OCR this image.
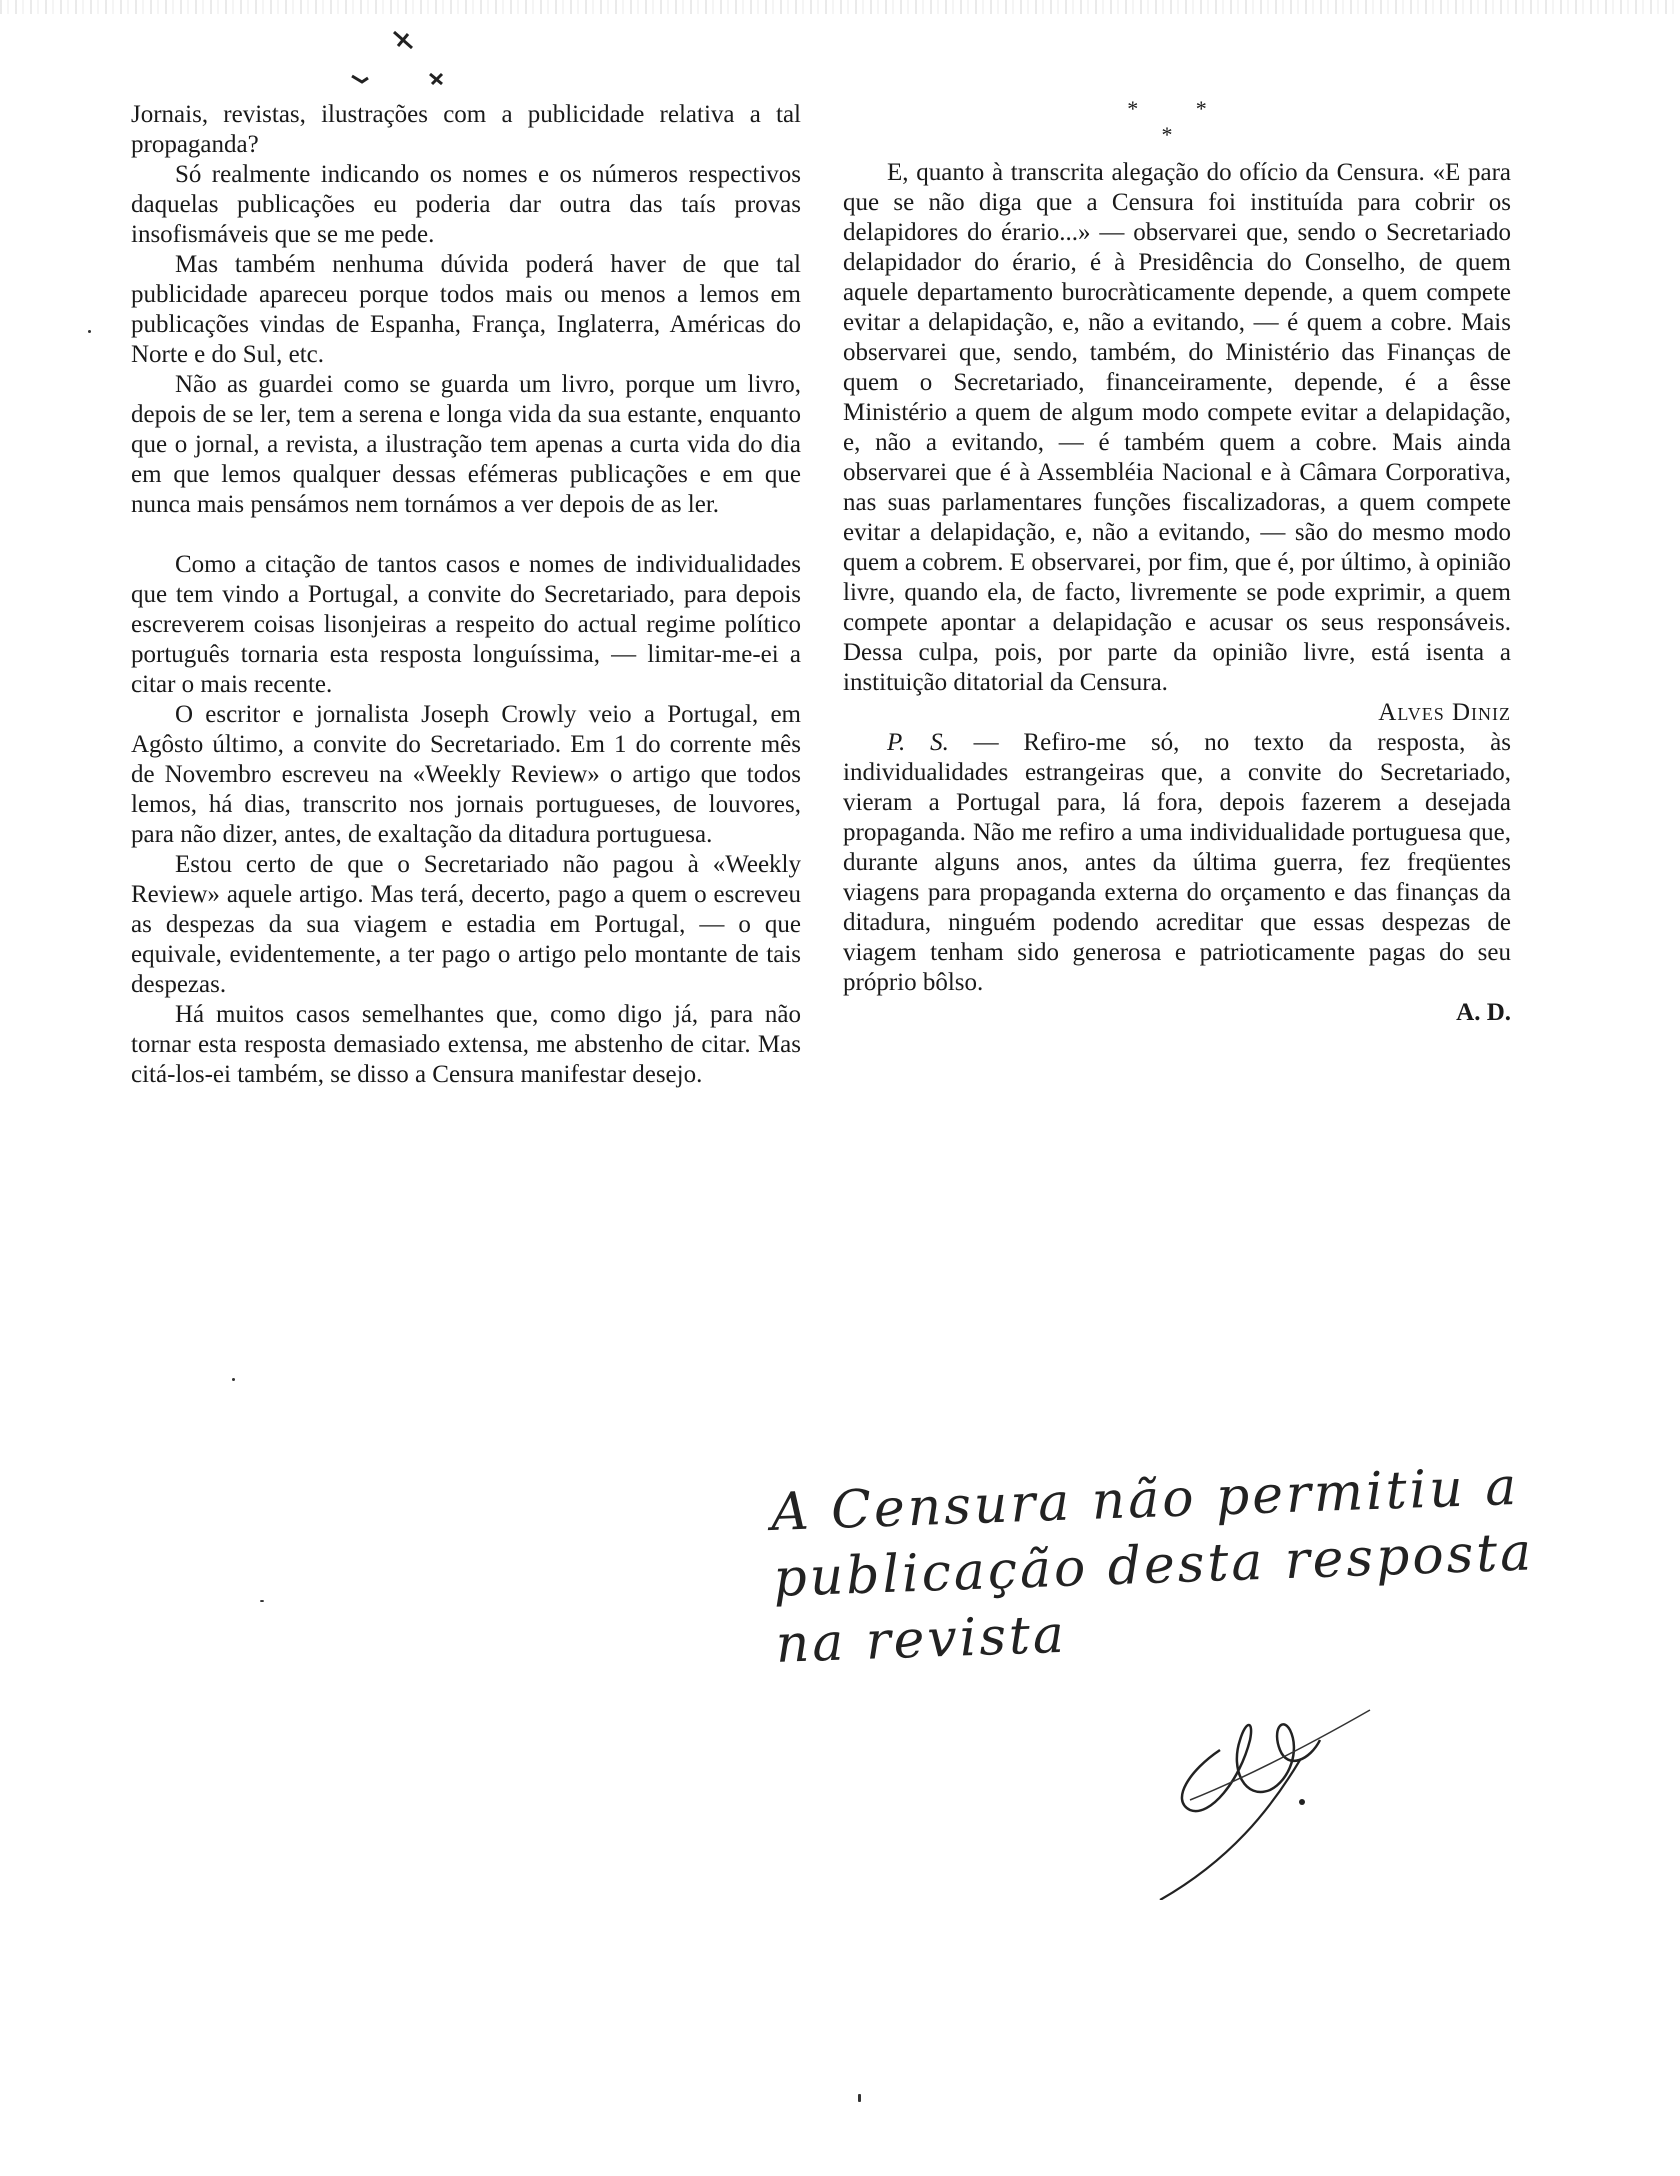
Jornais, revistas, ilustrações com a publicidade relativa a tal propaganda?

Só realmente indicando os nomes e os números respectivos daquelas publicações eu poderia dar outra das taís provas insofismáveis que se me pede.

Mas também nenhuma dúvida poderá haver de que tal publicidade apareceu porque todos mais ou menos a lemos em publicações vindas de Espanha, França, Inglaterra, Américas do Norte e do Sul, etc.

Não as guardei como se guarda um livro, porque um livro, depois de se ler, tem a serena e longa vida da sua estante, enquanto que o jornal, a revista, a ilustração tem apenas a curta vida do dia em que lemos qualquer dessas efémeras publicações e em que nunca mais pensámos nem tornámos a ver depois de as ler.

Como a citação de tantos casos e nomes de individualidades que tem vindo a Portugal, a convite do Secretariado, para depois escreverem coisas lisonjeiras a respeito do actual regime político português tornaria esta resposta longuíssima, — limitar-me-ei a citar o mais recente.

O escritor e jornalista Joseph Crowly veio a Portugal, em Agôsto último, a convite do Secretariado. Em 1 do corrente mês de Novembro escreveu na «Weekly Review» o artigo que todos lemos, há dias, transcrito nos jornais portugueses, de louvores, para não dizer, antes, de exaltação da ditadura portuguesa.

Estou certo de que o Secretariado não pagou à «Weekly Review» aquele artigo. Mas terá, decerto, pago a quem o escreveu as despezas da sua viagem e estadia em Portugal, — o que equivale, evidentemente, a ter pago o artigo pelo montante de tais despezas.

Há muitos casos semelhantes que, como digo já, para não tornar esta resposta demasiado extensa, me abstenho de citar. Mas citá-los-ei também, se disso a Censura manifestar desejo.

* * *

E, quanto à transcrita alegação do ofício da Censura. «E para que se não diga que a Censura foi instituída para cobrir os delapidores do érario...» — observarei que, sendo o Secretariado delapidador do érario, é à Presidência do Conselho, de quem aquele departamento burocràticamente depende, a quem compete evitar a delapidação, e, não a evitando, — é quem a cobre. Mais observarei que, sendo, também, do Ministério das Finanças de quem o Secretariado, financeiramente, depende, é a êsse Ministério a quem de algum modo compete evitar a delapidação, e, não a evitando, — é também quem a cobre. Mais ainda observarei que é à Assembléia Nacional e à Câmara Corporativa, nas suas parlamentares funções fiscalizadoras, a quem compete evitar a delapidação, e, não a evitando, — são do mesmo modo quem a cobrem. E observarei, por fim, que é, por último, à opinião livre, quando ela, de facto, livremente se pode exprimir, a quem compete apontar a delapidação e acusar os seus responsáveis. Dessa culpa, pois, por parte da opinião livre, está isenta a instituição ditatorial da Censura.

Alves Diniz

P. S. — Refiro-me só, no texto da resposta, às individualidades estrangeiras que, a convite do Secretariado, vieram a Portugal para, lá fora, depois fazerem a desejada propaganda. Não me refiro a uma individualidade portuguesa que, durante alguns anos, antes da última guerra, fez freqüentes viagens para propaganda externa do orçamento e das finanças da ditadura, ninguém podendo acreditar que essas despezas de viagem tenham sido generosa e patrioticamente pagas do seu próprio bôlso.

A. D.

A Censura não permitiu a publicação desta resposta na revista
